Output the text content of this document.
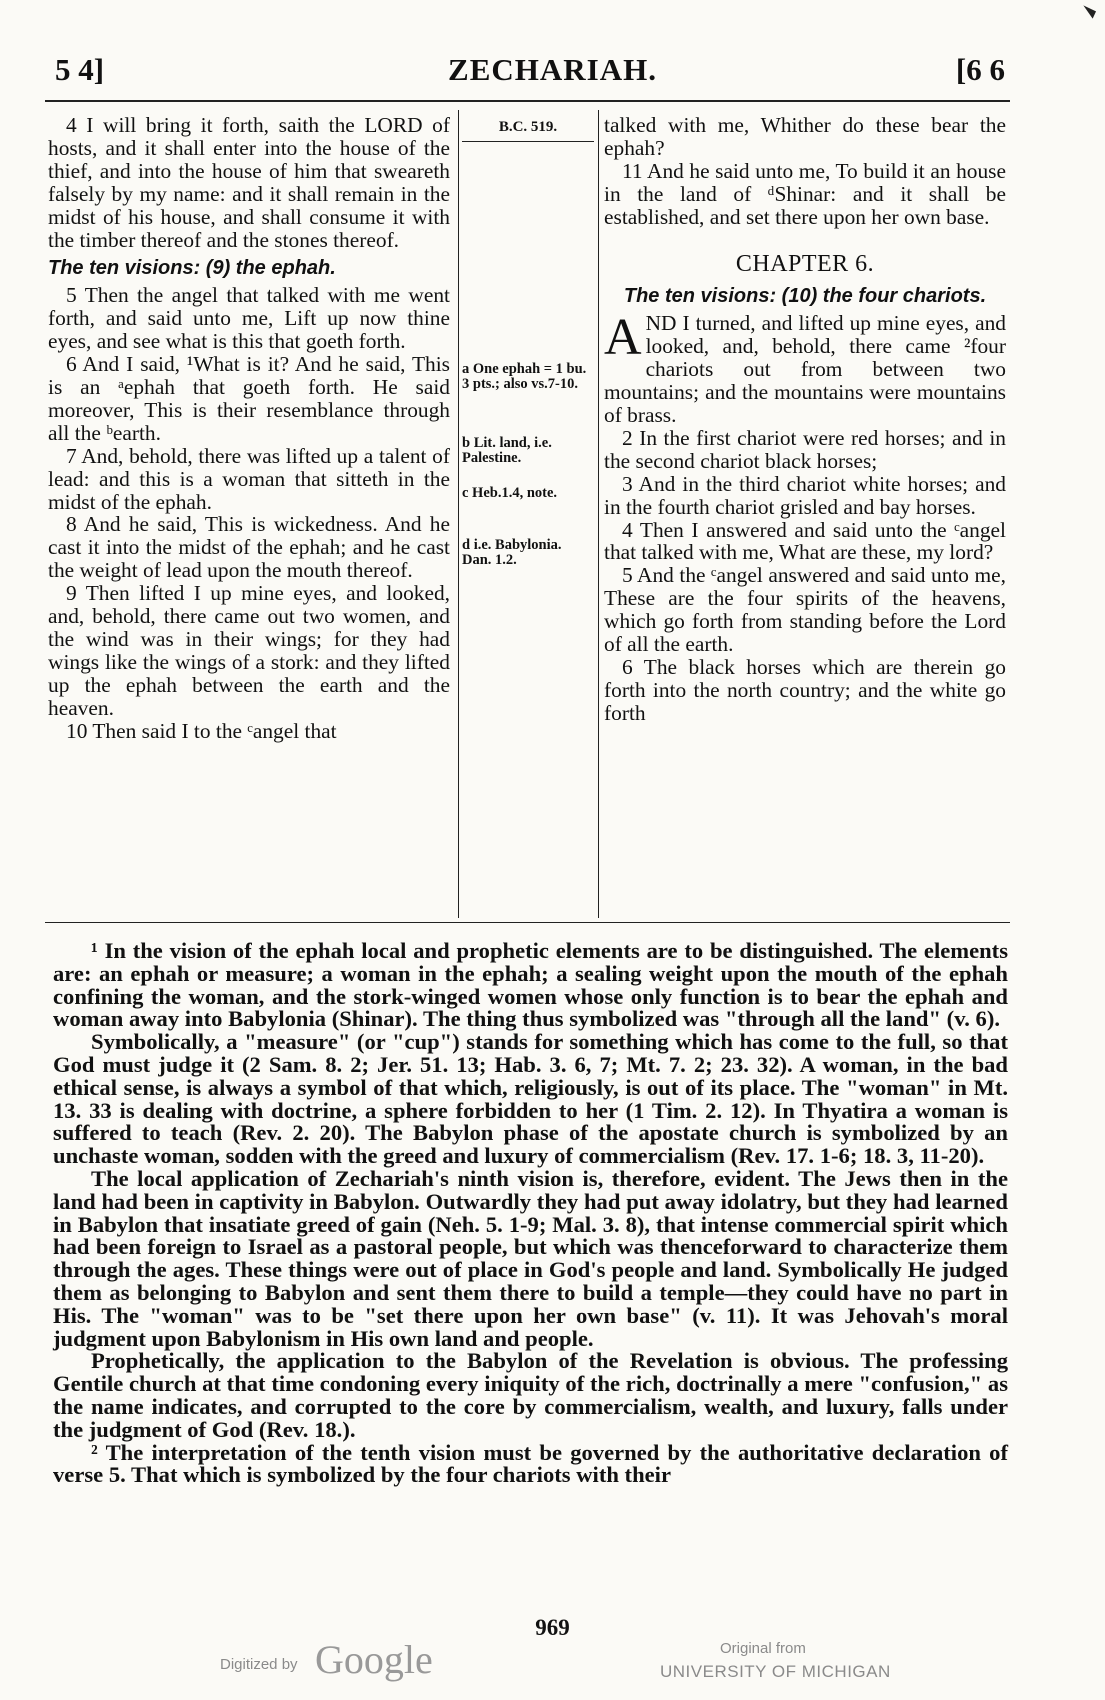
5 4]	ZECHARIAH.	[6 6

4 I will bring it forth, saith the LORD of hosts, and it shall enter into the house of the thief, and into the house of him that sweareth falsely by my name: and it shall remain in the midst of his house, and shall consume it with the timber thereof and the stones thereof.

The ten visions: (9) the ephah.

5 Then the angel that talked with me went forth, and said unto me, Lift up now thine eyes, and see what is this that goeth forth.

6 And I said, ¹What is it? And he said, This is an ᵃephah that goeth forth. He said moreover, This is their resemblance through all the ᵇearth.

7 And, behold, there was lifted up a talent of lead: and this is a woman that sitteth in the midst of the ephah.

8 And he said, This is wickedness. And he cast it into the midst of the ephah; and he cast the weight of lead upon the mouth thereof.

9 Then lifted I up mine eyes, and looked, and, behold, there came out two women, and the wind was in their wings; for they had wings like the wings of a stork: and they lifted up the ephah between the earth and the heaven.

10 Then said I to the ᶜangel that

B.C. 519.
a One ephah = 1 bu. 3 pts.; also vs.7-10.
b Lit. land, i.e. Palestine.
c Heb.1.4, note.
d i.e. Babylonia. Dan. 1.2.

talked with me, Whither do these bear the ephah?

11 And he said unto me, To build it an house in the land of ᵈShinar: and it shall be established, and set there upon her own base.

CHAPTER 6.

The ten visions: (10) the four chariots.

AND I turned, and lifted up mine eyes, and looked, and, behold, there came ²four chariots out from between two mountains; and the mountains were mountains of brass.

2 In the first chariot were red horses; and in the second chariot black horses;

3 And in the third chariot white horses; and in the fourth chariot grisled and bay horses.

4 Then I answered and said unto the ᶜangel that talked with me, What are these, my lord?

5 And the ᶜangel answered and said unto me, These are the four spirits of the heavens, which go forth from standing before the Lord of all the earth.

6 The black horses which are therein go forth into the north country; and the white go forth

¹ In the vision of the ephah local and prophetic elements are to be distinguished. The elements are: an ephah or measure; a woman in the ephah; a sealing weight upon the mouth of the ephah confining the woman, and the stork-winged women whose only function is to bear the ephah and woman away into Babylonia (Shinar). The thing thus symbolized was "through all the land" (v. 6).

Symbolically, a "measure" (or "cup") stands for something which has come to the full, so that God must judge it (2 Sam. 8. 2; Jer. 51. 13; Hab. 3. 6, 7; Mt. 7. 2; 23. 32). A woman, in the bad ethical sense, is always a symbol of that which, religiously, is out of its place. The "woman" in Mt. 13. 33 is dealing with doctrine, a sphere forbidden to her (1 Tim. 2. 12). In Thyatira a woman is suffered to teach (Rev. 2. 20). The Babylon phase of the apostate church is symbolized by an unchaste woman, sodden with the greed and luxury of commercialism (Rev. 17. 1-6; 18. 3, 11-20).

The local application of Zechariah's ninth vision is, therefore, evident. The Jews then in the land had been in captivity in Babylon. Outwardly they had put away idolatry, but they had learned in Babylon that insatiate greed of gain (Neh. 5. 1-9; Mal. 3. 8), that intense commercial spirit which had been foreign to Israel as a pastoral people, but which was thenceforward to characterize them through the ages. These things were out of place in God's people and land. Symbolically He judged them as belonging to Babylon and sent them there to build a temple—they could have no part in His. The "woman" was to be "set there upon her own base" (v. 11). It was Jehovah's moral judgment upon Babylonism in His own land and people.

Prophetically, the application to the Babylon of the Revelation is obvious. The professing Gentile church at that time condoning every iniquity of the rich, doctrinally a mere "confusion," as the name indicates, and corrupted to the core by commercialism, wealth, and luxury, falls under the judgment of God (Rev. 18.).

² The interpretation of the tenth vision must be governed by the authoritative declaration of verse 5. That which is symbolized by the four chariots with their

969
Digitized by Google	Original from
UNIVERSITY OF MICHIGAN
